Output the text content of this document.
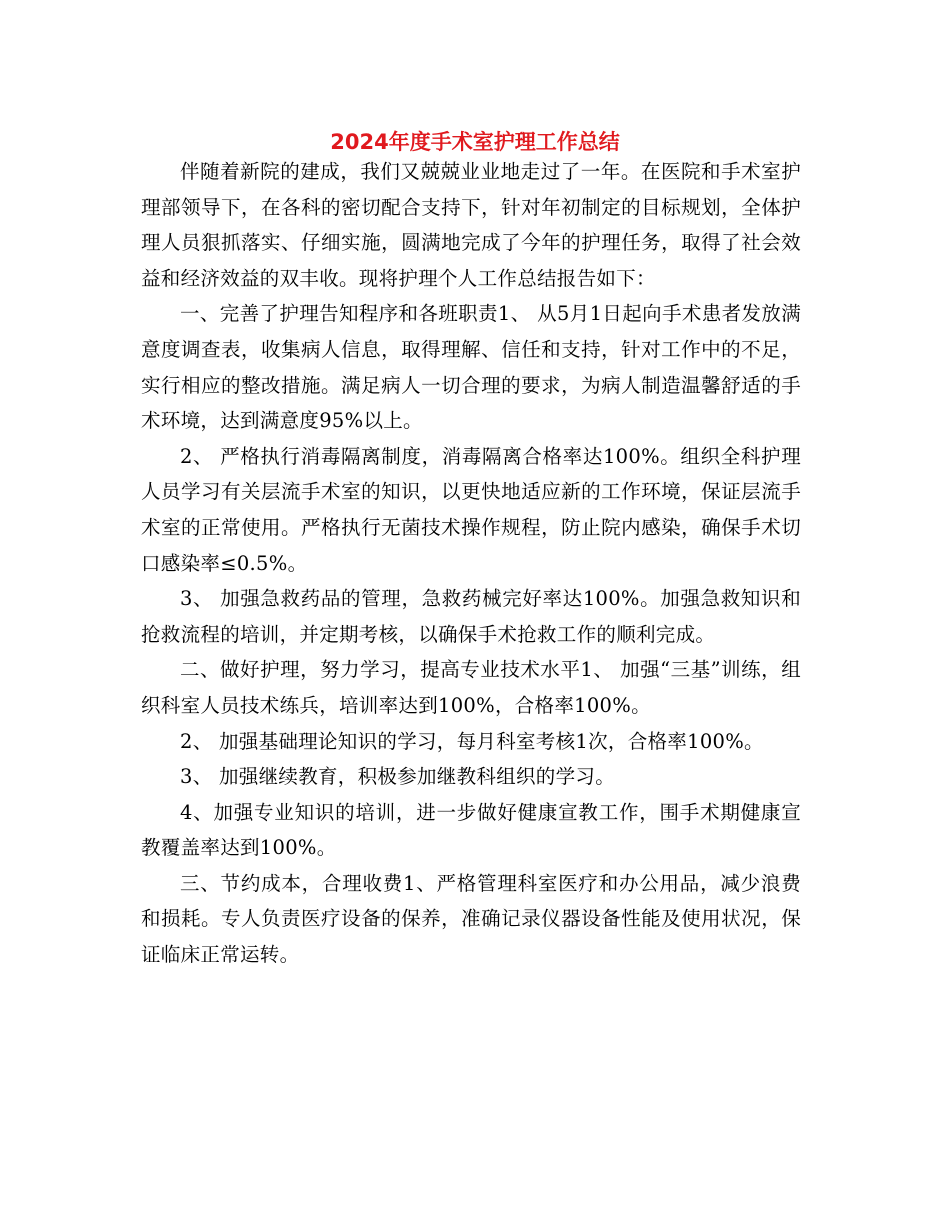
2024年度手术室护理工作总结

伴随着新院的建成，我们又兢兢业业地走过了一年。在医院和手术室护理部领导下，在各科的密切配合支持下，针对年初制定的目标规划，全体护理人员狠抓落实、仔细实施，圆满地完成了今年的护理任务，取得了社会效益和经济效益的双丰收。现将护理个人工作总结报告如下：

一、完善了护理告知程序和各班职责1、 从5月1日起向手术患者发放满意度调查表，收集病人信息，取得理解、信任和支持，针对工作中的不足，实行相应的整改措施。满足病人一切合理的要求，为病人制造温馨舒适的手术环境，达到满意度95%以上。

2、 严格执行消毒隔离制度，消毒隔离合格率达100%。组织全科护理人员学习有关层流手术室的知识，以更快地适应新的工作环境，保证层流手术室的正常使用。严格执行无菌技术操作规程，防止院内感染，确保手术切口感染率≤0.5%。

3、 加强急救药品的管理，急救药械完好率达100%。加强急救知识和抢救流程的培训，并定期考核，以确保手术抢救工作的顺利完成。

二、做好护理，努力学习，提高专业技术水平1、 加强“三基”训练，组织科室人员技术练兵，培训率达到100%，合格率100%。

2、 加强基础理论知识的学习，每月科室考核1次，合格率100%。

3、 加强继续教育，积极参加继教科组织的学习。

4、加强专业知识的培训，进一步做好健康宣教工作，围手术期健康宣教覆盖率达到100%。

三、节约成本，合理收费1、严格管理科室医疗和办公用品，减少浪费和损耗。专人负责医疗设备的保养，准确记录仪器设备性能及使用状况，保证临床正常运转。
